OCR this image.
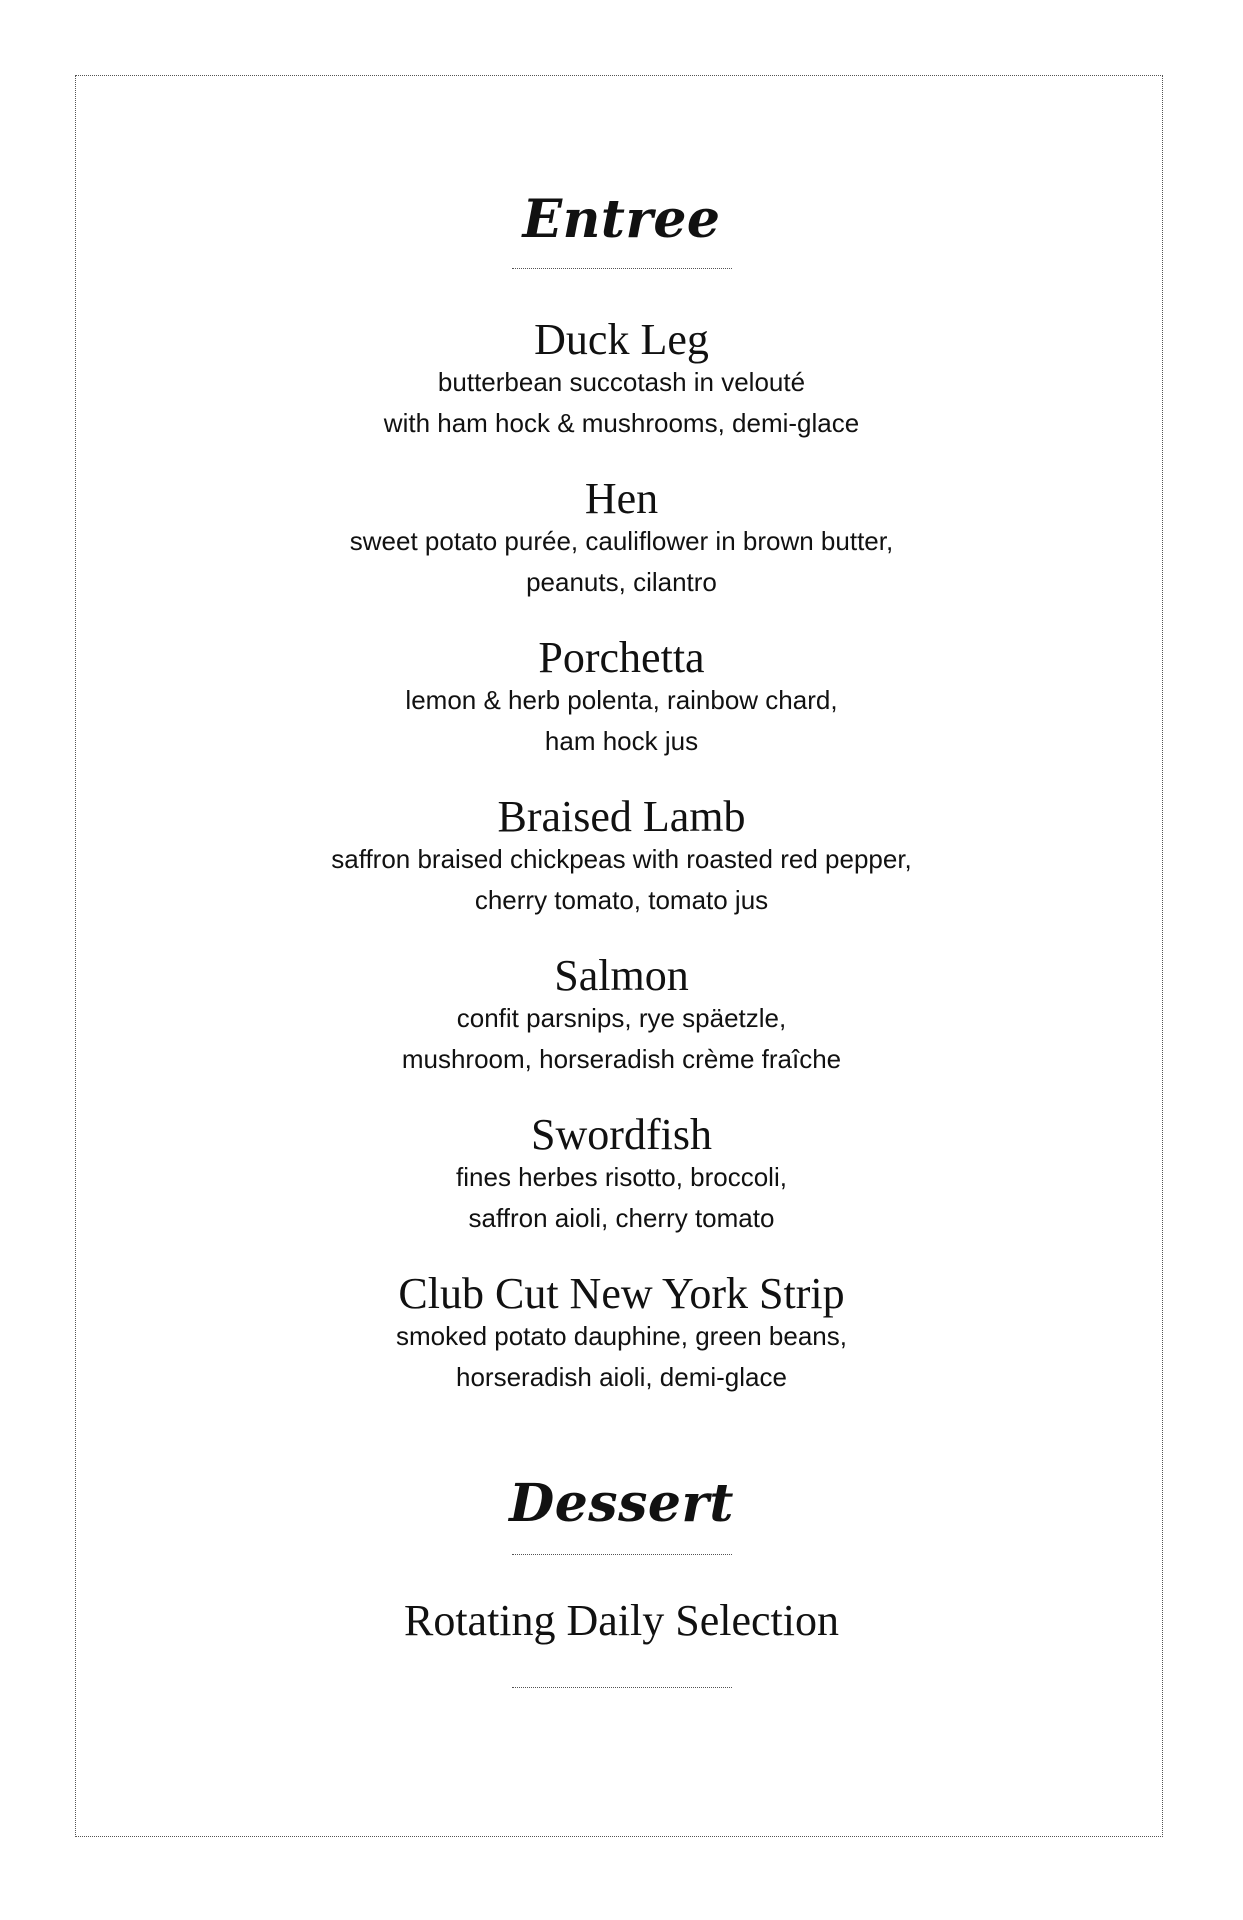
Entree

Duck Leg

butterbean succotash in velouté

with ham hock & mushrooms, demi-glace

Hen

sweet potato purée, cauliflower in brown butter,

peanuts, cilantro

Porchetta

lemon & herb polenta, rainbow chard,

ham hock jus

Braised Lamb

saffron braised chickpeas with roasted red pepper,

cherry tomato, tomato jus

Salmon

confit parsnips, rye späetzle,

mushroom, horseradish crème fraîche

Swordfish

fines herbes risotto, broccoli,

saffron aioli, cherry tomato

Club Cut New York Strip

smoked potato dauphine, green beans,

horseradish aioli, demi-glace

Dessert
Rotating Daily Selection
